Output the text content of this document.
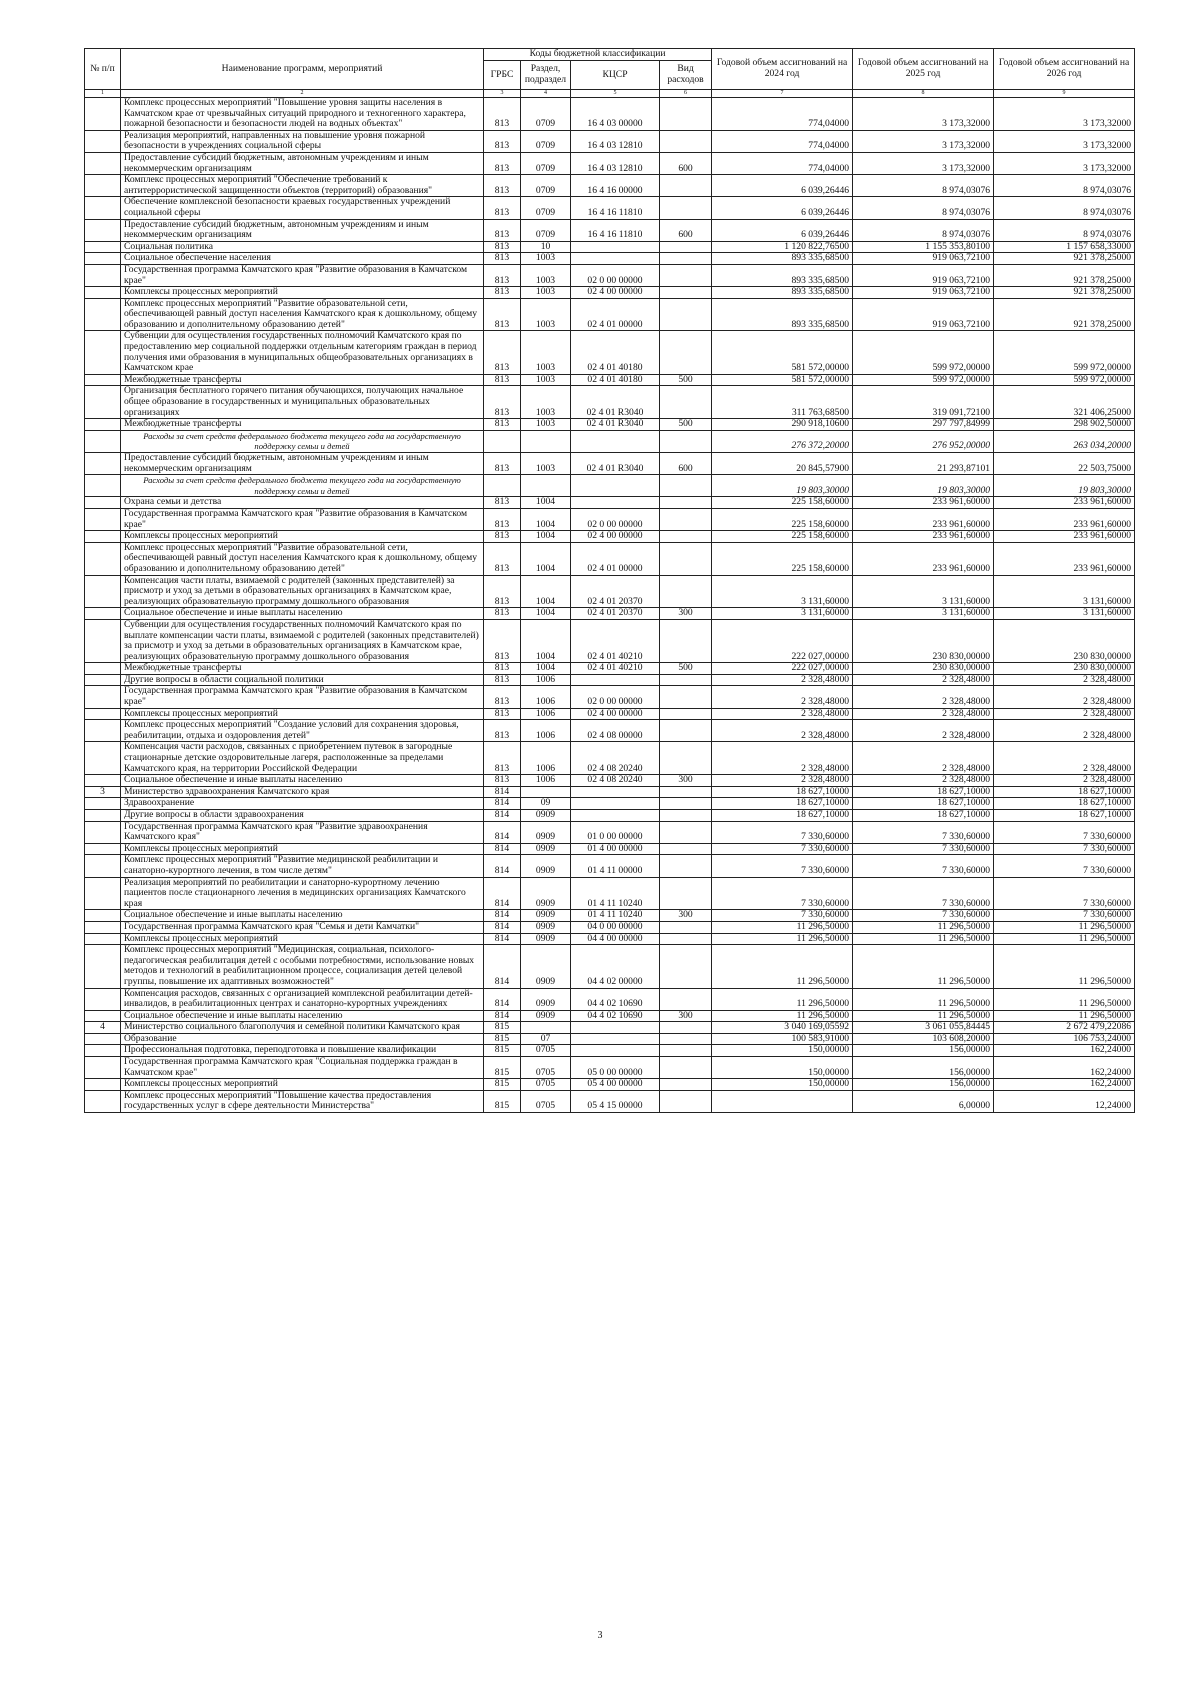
№ п/п	Наименование программ, мероприятий	Коды бюджетной классификации				Годовой объем ассигнований на 2024 год	Годовой объем ассигнований на 2025 год	Годовой объем ассигнований на 2026 год
		ГРБС	Раздел, подраздел	КЦСР	Вид расходов			
1	2	3	4	5	6	7	8	9
	Комплекс процессных мероприятий "Повышение уровня защиты населения в Камчатском крае от чрезвычайных ситуаций природного и техногенного характера, пожарной безопасности и безопасности людей на водных объектах"	813	0709	16 4 03 00000		774,04000	3 173,32000	3 173,32000
	Реализация мероприятий, направленных на повышение уровня пожарной безопасности в учреждениях социальной сферы	813	0709	16 4 03 12810		774,04000	3 173,32000	3 173,32000
	Предоставление субсидий бюджетным, автономным учреждениям и иным некоммерческим организациям	813	0709	16 4 03 12810	600	774,04000	3 173,32000	3 173,32000
	Комплекс процессных мероприятий "Обеспечение требований к антитеррористической защищенности объектов (территорий) образования"	813	0709	16 4 16 00000		6 039,26446	8 974,03076	8 974,03076
	Обеспечение комплексной безопасности краевых государственных учреждений социальной сферы	813	0709	16 4 16 11810		6 039,26446	8 974,03076	8 974,03076
	Предоставление субсидий бюджетным, автономным учреждениям и иным некоммерческим организациям	813	0709	16 4 16 11810	600	6 039,26446	8 974,03076	8 974,03076
	Социальная политика	813	10			1 120 822,76500	1 155 353,80100	1 157 658,33000
	Социальное обеспечение населения	813	1003			893 335,68500	919 063,72100	921 378,25000
	Государственная программа Камчатского края "Развитие образования в Камчатском крае"	813	1003	02 0 00 00000		893 335,68500	919 063,72100	921 378,25000
	Комплексы процессных мероприятий	813	1003	02 4 00 00000		893 335,68500	919 063,72100	921 378,25000
	Комплекс процессных мероприятий "Развитие образовательной сети, обеспечивающей равный доступ населения Камчатского края к дошкольному, общему образованию и дополнительному образованию детей"	813	1003	02 4 01 00000		893 335,68500	919 063,72100	921 378,25000
	Субвенции для осуществления государственных полномочий Камчатского края по предоставлению мер социальной поддержки отдельным категориям граждан в период получения ими образования в муниципальных общеобразовательных организациях в Камчатском крае	813	1003	02 4 01 40180		581 572,00000	599 972,00000	599 972,00000
	Межбюджетные трансферты	813	1003	02 4 01 40180	500	581 572,00000	599 972,00000	599 972,00000
	Организация бесплатного горячего питания обучающихся, получающих начальное общее образование в государственных и муниципальных образовательных организациях	813	1003	02 4 01 R3040		311 763,68500	319 091,72100	321 406,25000
	Межбюджетные трансферты	813	1003	02 4 01 R3040	500	290 918,10600	297 797,84999	298 902,50000
	Расходы за счет средств федерального бюджета текущего года на государственную поддержку семьи и детей					276 372,20000	276 952,00000	263 034,20000
	Предоставление субсидий бюджетным, автономным учреждениям и иным некоммерческим организациям	813	1003	02 4 01 R3040	600	20 845,57900	21 293,87101	22 503,75000
	Расходы за счет средств федерального бюджета текущего года на государственную поддержку семьи и детей					19 803,30000	19 803,30000	19 803,30000
	Охрана семьи и детства	813	1004			225 158,60000	233 961,60000	233 961,60000
	Государственная программа Камчатского края "Развитие образования в Камчатском крае"	813	1004	02 0 00 00000		225 158,60000	233 961,60000	233 961,60000
	Комплексы процессных мероприятий	813	1004	02 4 00 00000		225 158,60000	233 961,60000	233 961,60000
	Комплекс процессных мероприятий "Развитие образовательной сети, обеспечивающей равный доступ населения Камчатского края к дошкольному, общему образованию и дополнительному образованию детей"	813	1004	02 4 01 00000		225 158,60000	233 961,60000	233 961,60000
	Компенсация части платы, взимаемой с родителей (законных представителей) за присмотр и уход за детьми в образовательных организациях в Камчатском крае, реализующих образовательную программу дошкольного образования	813	1004	02 4 01 20370		3 131,60000	3 131,60000	3 131,60000
	Социальное обеспечение и иные выплаты населению	813	1004	02 4 01 20370	300	3 131,60000	3 131,60000	3 131,60000
	Субвенции для осуществления государственных полномочий Камчатского края по выплате компенсации части платы, взимаемой с родителей (законных представителей) за присмотр и уход за детьми в образовательных организациях в Камчатском крае, реализующих образовательную программу дошкольного образования	813	1004	02 4 01 40210		222 027,00000	230 830,00000	230 830,00000
	Межбюджетные трансферты	813	1004	02 4 01 40210	500	222 027,00000	230 830,00000	230 830,00000
	Другие вопросы в области социальной политики	813	1006			2 328,48000	2 328,48000	2 328,48000
	Государственная программа Камчатского края "Развитие образования в Камчатском крае"	813	1006	02 0 00 00000		2 328,48000	2 328,48000	2 328,48000
	Комплексы процессных мероприятий	813	1006	02 4 00 00000		2 328,48000	2 328,48000	2 328,48000
	Комплекс процессных мероприятий "Создание условий для сохранения здоровья, реабилитации, отдыха и оздоровления детей"	813	1006	02 4 08 00000		2 328,48000	2 328,48000	2 328,48000
	Компенсация части расходов, связанных с приобретением путевок в загородные стационарные детские оздоровительные лагеря, расположенные за пределами Камчатского края, на территории Российской Федерации	813	1006	02 4 08 20240		2 328,48000	2 328,48000	2 328,48000
	Социальное обеспечение и иные выплаты населению	813	1006	02 4 08 20240	300	2 328,48000	2 328,48000	2 328,48000
3	Министерство здравоохранения Камчатского края	814				18 627,10000	18 627,10000	18 627,10000
	Здравоохранение	814	09			18 627,10000	18 627,10000	18 627,10000
	Другие вопросы в области здравоохранения	814	0909			18 627,10000	18 627,10000	18 627,10000
	Государственная программа Камчатского края "Развитие здравоохранения Камчатского края"	814	0909	01 0 00 00000		7 330,60000	7 330,60000	7 330,60000
	Комплексы процессных мероприятий	814	0909	01 4 00 00000		7 330,60000	7 330,60000	7 330,60000
	Комплекс процессных мероприятий "Развитие медицинской реабилитации и санаторно-курортного лечения, в том числе детям"	814	0909	01 4 11 00000		7 330,60000	7 330,60000	7 330,60000
	Реализация мероприятий по реабилитации и санаторно-курортному лечению пациентов после стационарного лечения в медицинских организациях Камчатского края	814	0909	01 4 11 10240		7 330,60000	7 330,60000	7 330,60000
	Социальное обеспечение и иные выплаты населению	814	0909	01 4 11 10240	300	7 330,60000	7 330,60000	7 330,60000
	Государственная программа Камчатского края "Семья и дети Камчатки"	814	0909	04 0 00 00000		11 296,50000	11 296,50000	11 296,50000
	Комплексы процессных мероприятий	814	0909	04 4 00 00000		11 296,50000	11 296,50000	11 296,50000
	Комплекс процессных мероприятий "Медицинская, социальная, психолого-педагогическая реабилитация детей с особыми потребностями, использование новых методов и технологий в реабилитационном процессе, социализация детей целевой группы, повышение их адаптивных возможностей"	814	0909	04 4 02 00000		11 296,50000	11 296,50000	11 296,50000
	Компенсация расходов, связанных с организацией комплексной реабилитации детей-инвалидов, в реабилитационных центрах и санаторно-курортных учреждениях	814	0909	04 4 02 10690		11 296,50000	11 296,50000	11 296,50000
	Социальное обеспечение и иные выплаты населению	814	0909	04 4 02 10690	300	11 296,50000	11 296,50000	11 296,50000
4	Министерство социального благополучия и семейной политики Камчатского края	815				3 040 169,05592	3 061 055,84445	2 672 479,22086
	Образование	815	07			100 583,91000	103 608,20000	106 753,24000
	Профессиональная подготовка, переподготовка и повышение квалификации	815	0705			150,00000	156,00000	162,24000
	Государственная программа Камчатского края "Социальная поддержка граждан в Камчатском крае"	815	0705	05 0 00 00000		150,00000	156,00000	162,24000
	Комплексы процессных мероприятий	815	0705	05 4 00 00000		150,00000	156,00000	162,24000
	Комплекс процессных мероприятий "Повышение качества предоставления государственных услуг в сфере деятельности Министерства"	815	0705	05 4 15 00000			6,00000	12,24000
3
